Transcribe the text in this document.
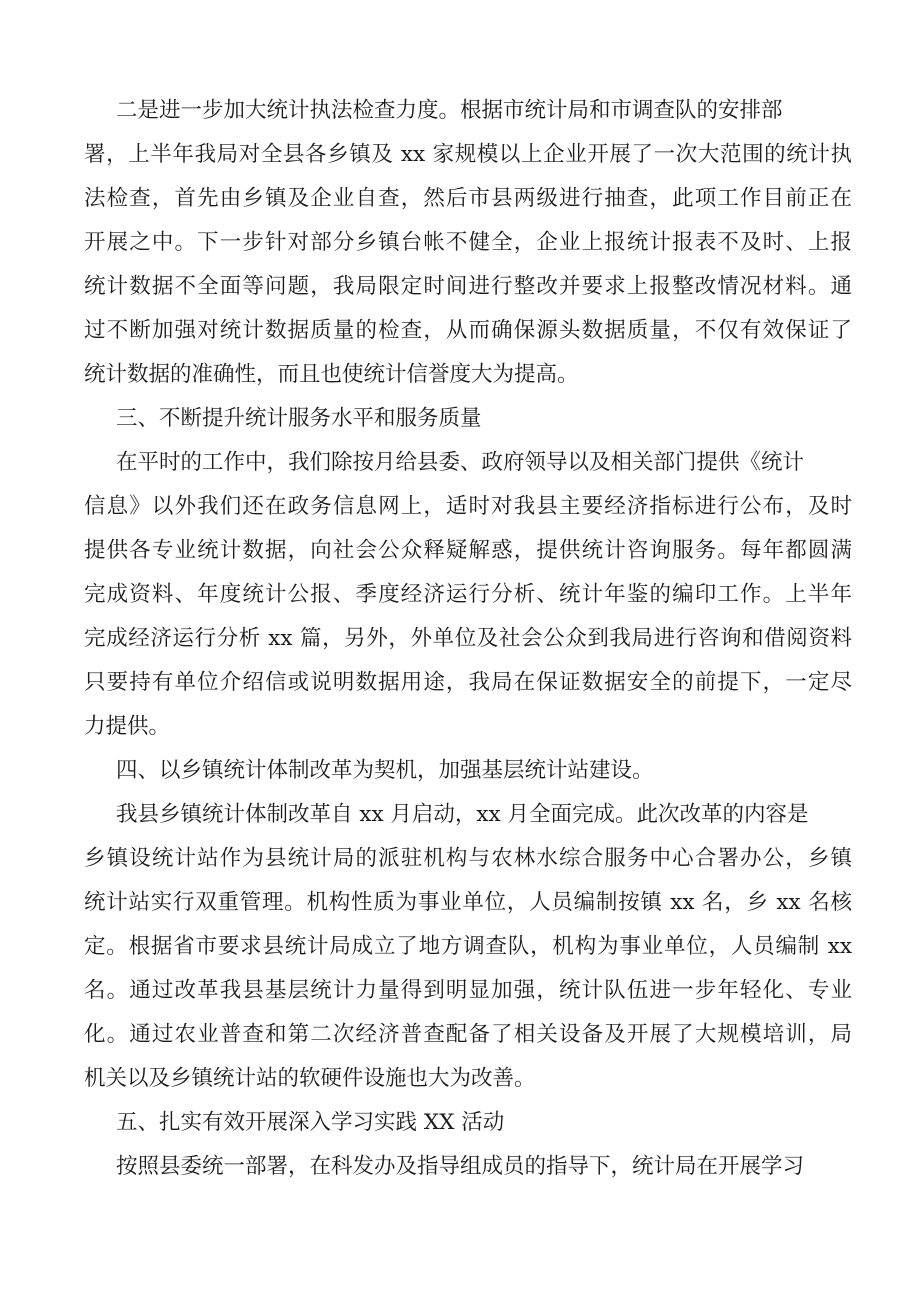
二是进一步加大统计执法检查力度。根据市统计局和市调查队的安排部
署，上半年我局对全县各乡镇及 xx 家规模以上企业开展了一次大范围的统计执
法检查，首先由乡镇及企业自查，然后市县两级进行抽查，此项工作目前正在
开展之中。下一步针对部分乡镇台帐不健全，企业上报统计报表不及时、上报
统计数据不全面等问题，我局限定时间进行整改并要求上报整改情况材料。通
过不断加强对统计数据质量的检查，从而确保源头数据质量，不仅有效保证了
统计数据的准确性，而且也使统计信誉度大为提高。
三、不断提升统计服务水平和服务质量
在平时的工作中，我们除按月给县委、政府领导以及相关部门提供《统计
信息》以外我们还在政务信息网上，适时对我县主要经济指标进行公布，及时
提供各专业统计数据，向社会公众释疑解惑，提供统计咨询服务。每年都圆满
完成资料、年度统计公报、季度经济运行分析、统计年鉴的编印工作。上半年
完成经济运行分析 xx 篇，另外，外单位及社会公众到我局进行咨询和借阅资料
只要持有单位介绍信或说明数据用途，我局在保证数据安全的前提下，一定尽
力提供。
四、以乡镇统计体制改革为契机，加强基层统计站建设。
我县乡镇统计体制改革自 xx 月启动，xx 月全面完成。此次改革的内容是
乡镇设统计站作为县统计局的派驻机构与农林水综合服务中心合署办公，乡镇
统计站实行双重管理。机构性质为事业单位，人员编制按镇 xx 名，乡 xx 名核
定。根据省市要求县统计局成立了地方调查队，机构为事业单位，人员编制 xx
名。通过改革我县基层统计力量得到明显加强，统计队伍进一步年轻化、专业
化。通过农业普查和第二次经济普查配备了相关设备及开展了大规模培训，局
机关以及乡镇统计站的软硬件设施也大为改善。
五、扎实有效开展深入学习实践 XX 活动
按照县委统一部署，在科发办及指导组成员的指导下，统计局在开展学习
